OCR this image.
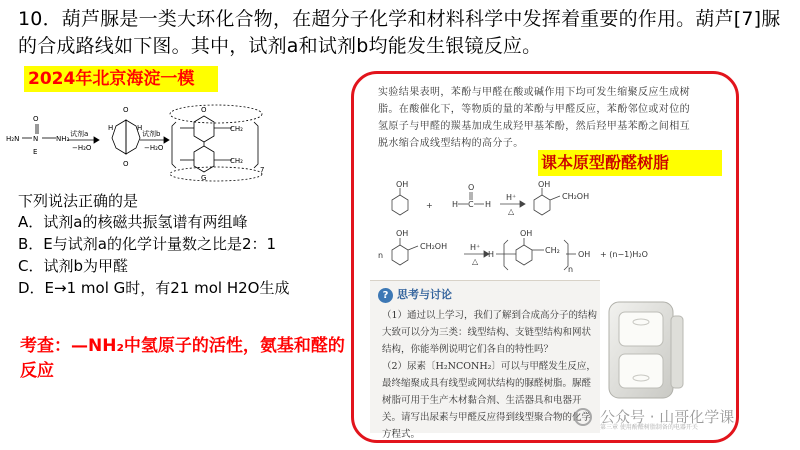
10．葫芦脲是一类大环化合物，在超分子化学和材料科学中发挥着重要的作用。葫芦[7]脲的合成路线如下图。其中，试剂a和试剂b均能发生银镜反应。
2024年北京海淀一模
H₂N
O
N	NH₂
E
试剂a
−H₂O
O
O
H	H
试剂b
−H₂O
O
G
CH₂
CH₂
7
下列说法正确的是
A．试剂a的核磁共振氢谱有两组峰
B．E与试剂a的化学计量数之比是2：1
C．试剂b为甲醛
D．E→1 mol G时，有21 mol H2O生成
考查：—NH₂中氢原子的活性，氨基和醛的反应
实验结果表明，苯酚与甲醛在酸或碱作用下均可发生缩聚反应生成树脂。在酸催化下，等物质的量的苯酚与甲醛反应，苯酚邻位或对位的氢原子与甲醛的羰基加成生成羟甲基苯酚，然后羟甲基苯酚之间相互脱水缩合成线型结构的高分子。
课本原型酚醛树脂
OH
+ H C H
O
H⁺
△
OH
CH₂OH
n
OH
CH₂OH	H⁺
△
H
OH
CH₂ OH
n
+ (n−1)H₂O
? 思考与讨论
（1）通过以上学习，我们了解到合成高分子的结构大致可以分为三类：线型结构、支链型结构和网状结构，你能举例说明它们各自的特性吗？
（2）尿素〔H₂NCONH₂〕可以与甲醛发生反应，最终缩聚成具有线型或网状结构的脲醛树脂。脲醛树脂可用于生产木材黏合剂、生活器具和电器开关。请写出尿素与甲醛反应得到线型聚合物的化学方程式。
公众号 · 山哥化学课
第三章 使用酚醛树脂制备的电器开关
